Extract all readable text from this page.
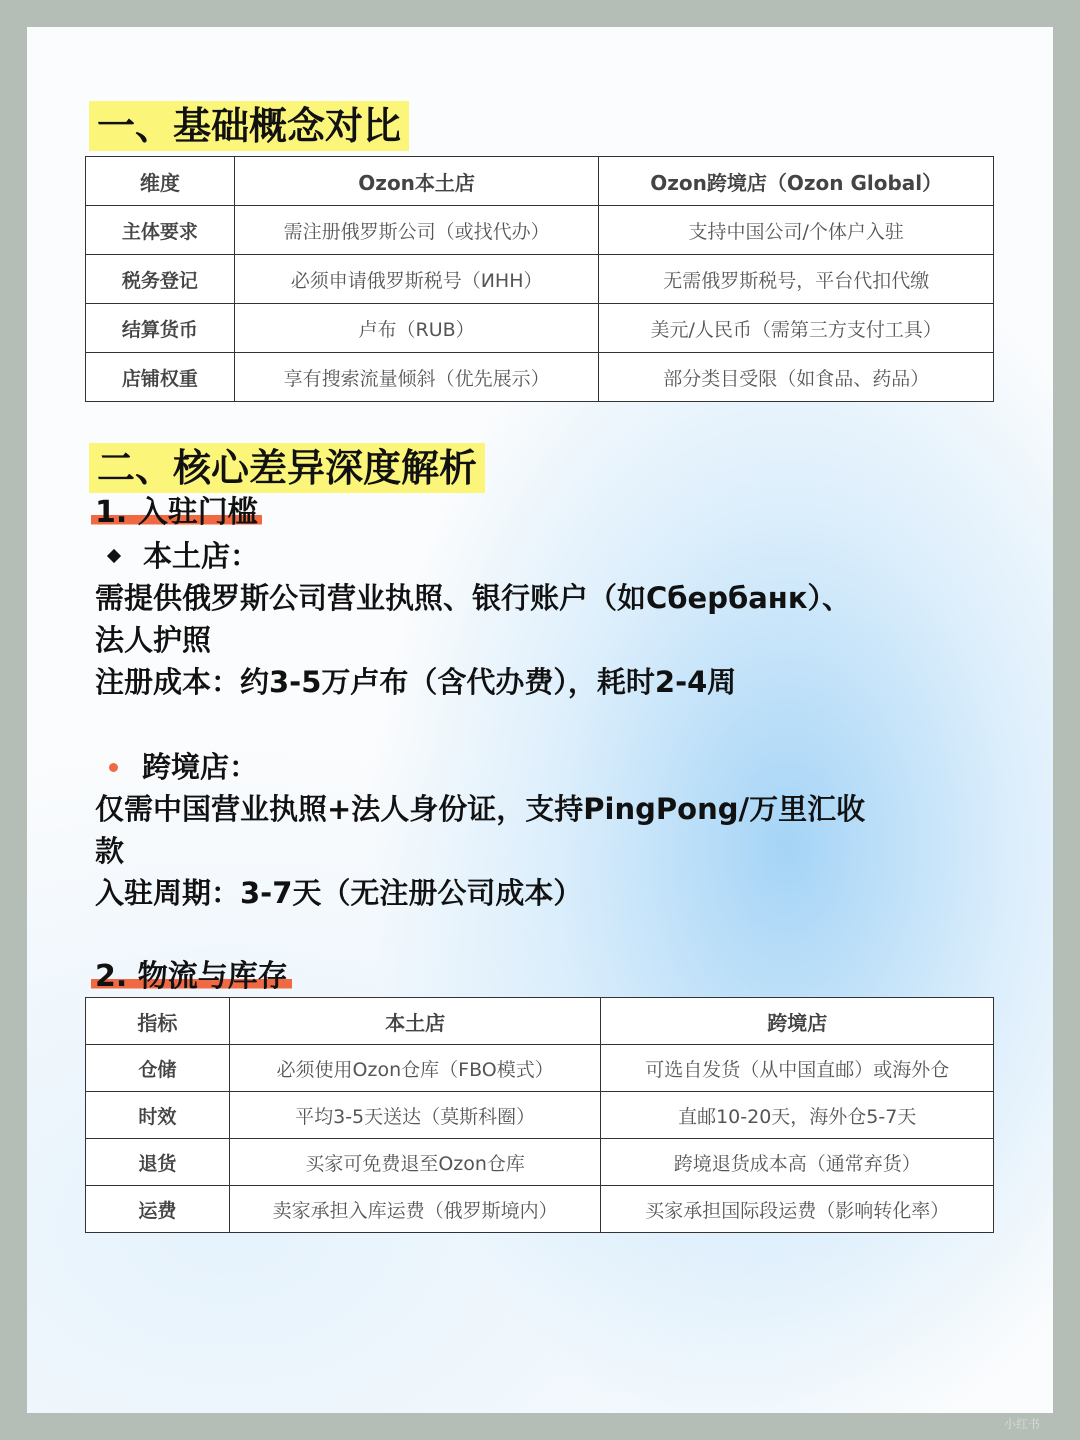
一、基础概念对比
维度	Ozon本土店	Ozon跨境店（Ozon Global）
主体要求	需注册俄罗斯公司（或找代办）	支持中国公司/个体户入驻
税务登记	必须申请俄罗斯税号（ИНН）	无需俄罗斯税号，平台代扣代缴
结算货币	卢布（RUB）	美元/人民币（需第三方支付工具）
店铺权重	享有搜索流量倾斜（优先展示）	部分类目受限（如食品、药品）
二、核心差异深度解析
1. 入驻门槛
本土店：
需提供俄罗斯公司营业执照、银行账户（如Сбербанк）、
法人护照
注册成本：约3-5万卢布（含代办费），耗时2-4周
跨境店：
仅需中国营业执照+法人身份证，支持PingPong/万里汇收
款
入驻周期：3-7天（无注册公司成本）
2. 物流与库存
指标	本土店	跨境店
仓储	必须使用Ozon仓库（FBO模式）	可选自发货（从中国直邮）或海外仓
时效	平均3-5天送达（莫斯科圈）	直邮10-20天，海外仓5-7天
退货	买家可免费退至Ozon仓库	跨境退货成本高（通常弃货）
运费	卖家承担入库运费（俄罗斯境内）	买家承担国际段运费（影响转化率）
小红书
